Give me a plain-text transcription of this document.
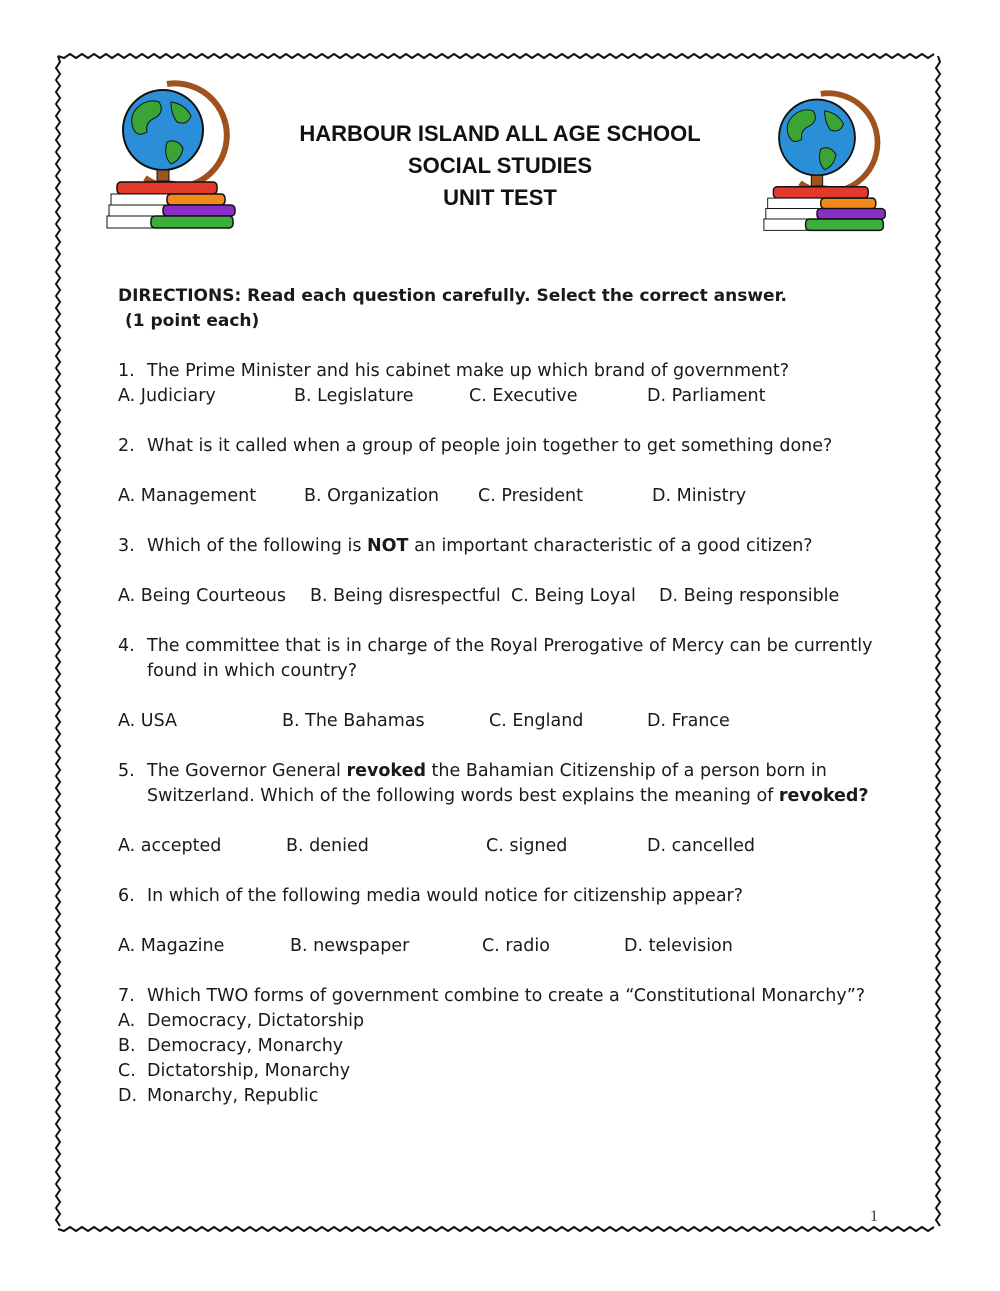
HARBOUR ISLAND ALL AGE SCHOOL
SOCIAL STUDIES
UNIT TEST
DIRECTIONS: Read each question carefully. Select the correct answer.
(1 point each)
1. The Prime Minister and his cabinet make up which brand of government?
A. Judiciary	B. Legislature	C. Executive	D. Parliament
2. What is it called when a group of people join together to get something done?
A. Management	B. Organization C. President	D. Ministry
3. Which of the following is NOT an important characteristic of a good citizen?
A. Being Courteous B. Being disrespectful C. Being Loyal D. Being responsible
4. The committee that is in charge of the Royal Prerogative of Mercy can be currently found in which country?
A. USA	B. The Bahamas	C. England	D. France
5. The Governor General revoked the Bahamian Citizenship of a person born in Switzerland. Which of the following words best explains the meaning of revoked?
A. accepted	B. denied	C. signed	D. cancelled
6. In which of the following media would notice for citizenship appear?
A. Magazine	B. newspaper	C. radio	D. television
7. Which TWO forms of government combine to create a “Constitutional Monarchy”?
A. Democracy, Dictatorship
B. Democracy, Monarchy
C. Dictatorship, Monarchy
D. Monarchy, Republic
1
